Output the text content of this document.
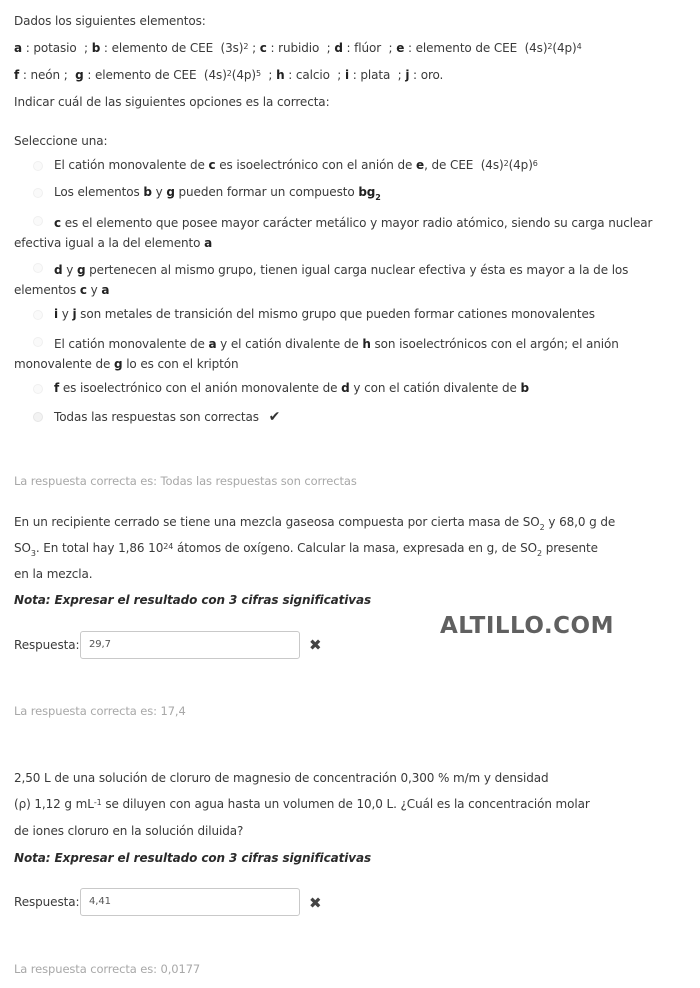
Dados los siguientes elementos:
a : potasio  ; b : elemento de CEE  $(3s)^2$ ; c : rubidio  ; d : flúor  ; e : elemento de CEE  $(4s)^2(4p)^4$
f : neón ;  g : elemento de CEE  $(4s)^2(4p)^5$  ; h : calcio  ; i : plata  ; j : oro.
Indicar cuál de las siguientes opciones es la correcta:
Seleccione una:
El catión monovalente de c es isoelectrónico con el anión de e, de CEE  $(4s)^2(4p)^6$
Los elementos b y g pueden formar un compuesto $bg_2$
c es el elemento que posee mayor carácter metálico y mayor radio atómico, siendo su carga nuclear efectiva igual a la del elemento a
d y g pertenecen al mismo grupo, tienen igual carga nuclear efectiva y ésta es mayor a la de los elementos c y a
i y j son metales de transición del mismo grupo que pueden formar cationes monovalentes
El catión monovalente de a y el catión divalente de h son isoelectrónicos con el argón; el anión monovalente de g lo es con el kriptón
f es isoelectrónico con el anión monovalente de d y con el catión divalente de b
Todas las respuestas son correctas ✔
La respuesta correcta es: Todas las respuestas son correctas
En un recipiente cerrado se tiene una mezcla gaseosa compuesta por cierta masa de $SO_2$ y 68,0 g de
$SO_3$. En total hay 1,86 $10^{24}$ átomos de oxígeno. Calcular la masa, expresada en g, de $SO_2$ presente
en la mezcla.
Nota: Expresar el resultado con 3 cifras significativas
Respuesta: 29,7	✖
ALTILLO.COM
La respuesta correcta es: 17,4
2,50 L de una solución de cloruro de magnesio de concentración 0,300 % m/m y densidad
(ρ) 1,12 g $mL^{-1}$ se diluyen con agua hasta un volumen de 10,0 L. ¿Cuál es la concentración molar
de iones cloruro en la solución diluida?
Nota: Expresar el resultado con 3 cifras significativas
Respuesta: 4,41	✖
La respuesta correcta es: 0,0177
